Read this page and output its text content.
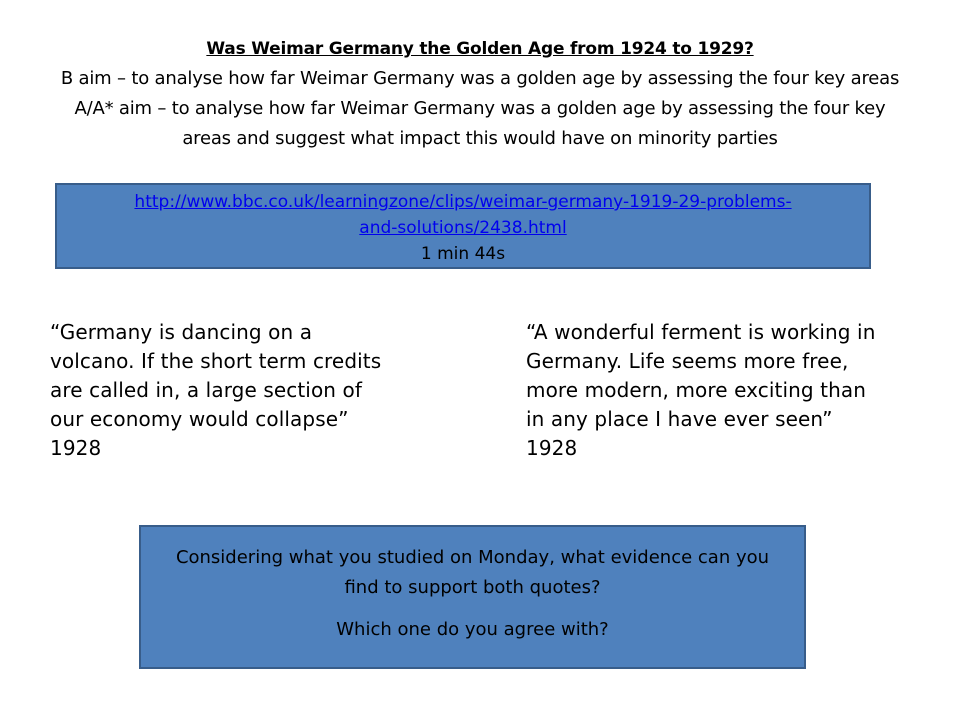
Was Weimar Germany the Golden Age from 1924 to 1929?
B aim – to analyse how far Weimar Germany was a golden age by assessing the four key areas
A/A* aim – to analyse how far Weimar Germany was a golden age by assessing the four key
areas and suggest what impact this would have on minority parties
http://www.bbc.co.uk/learningzone/clips/weimar-germany-1919-29-problems-
and-solutions/2438.html
1 min 44s
“Germany is dancing on a volcano. If the short term credits are called in, a large section of our economy would collapse”
1928
“A wonderful ferment is working in Germany. Life seems more free, more modern, more exciting than in any place I have ever seen”
1928
Considering what you studied on Monday, what evidence can you
find to support both quotes?
Which one do you agree with?
